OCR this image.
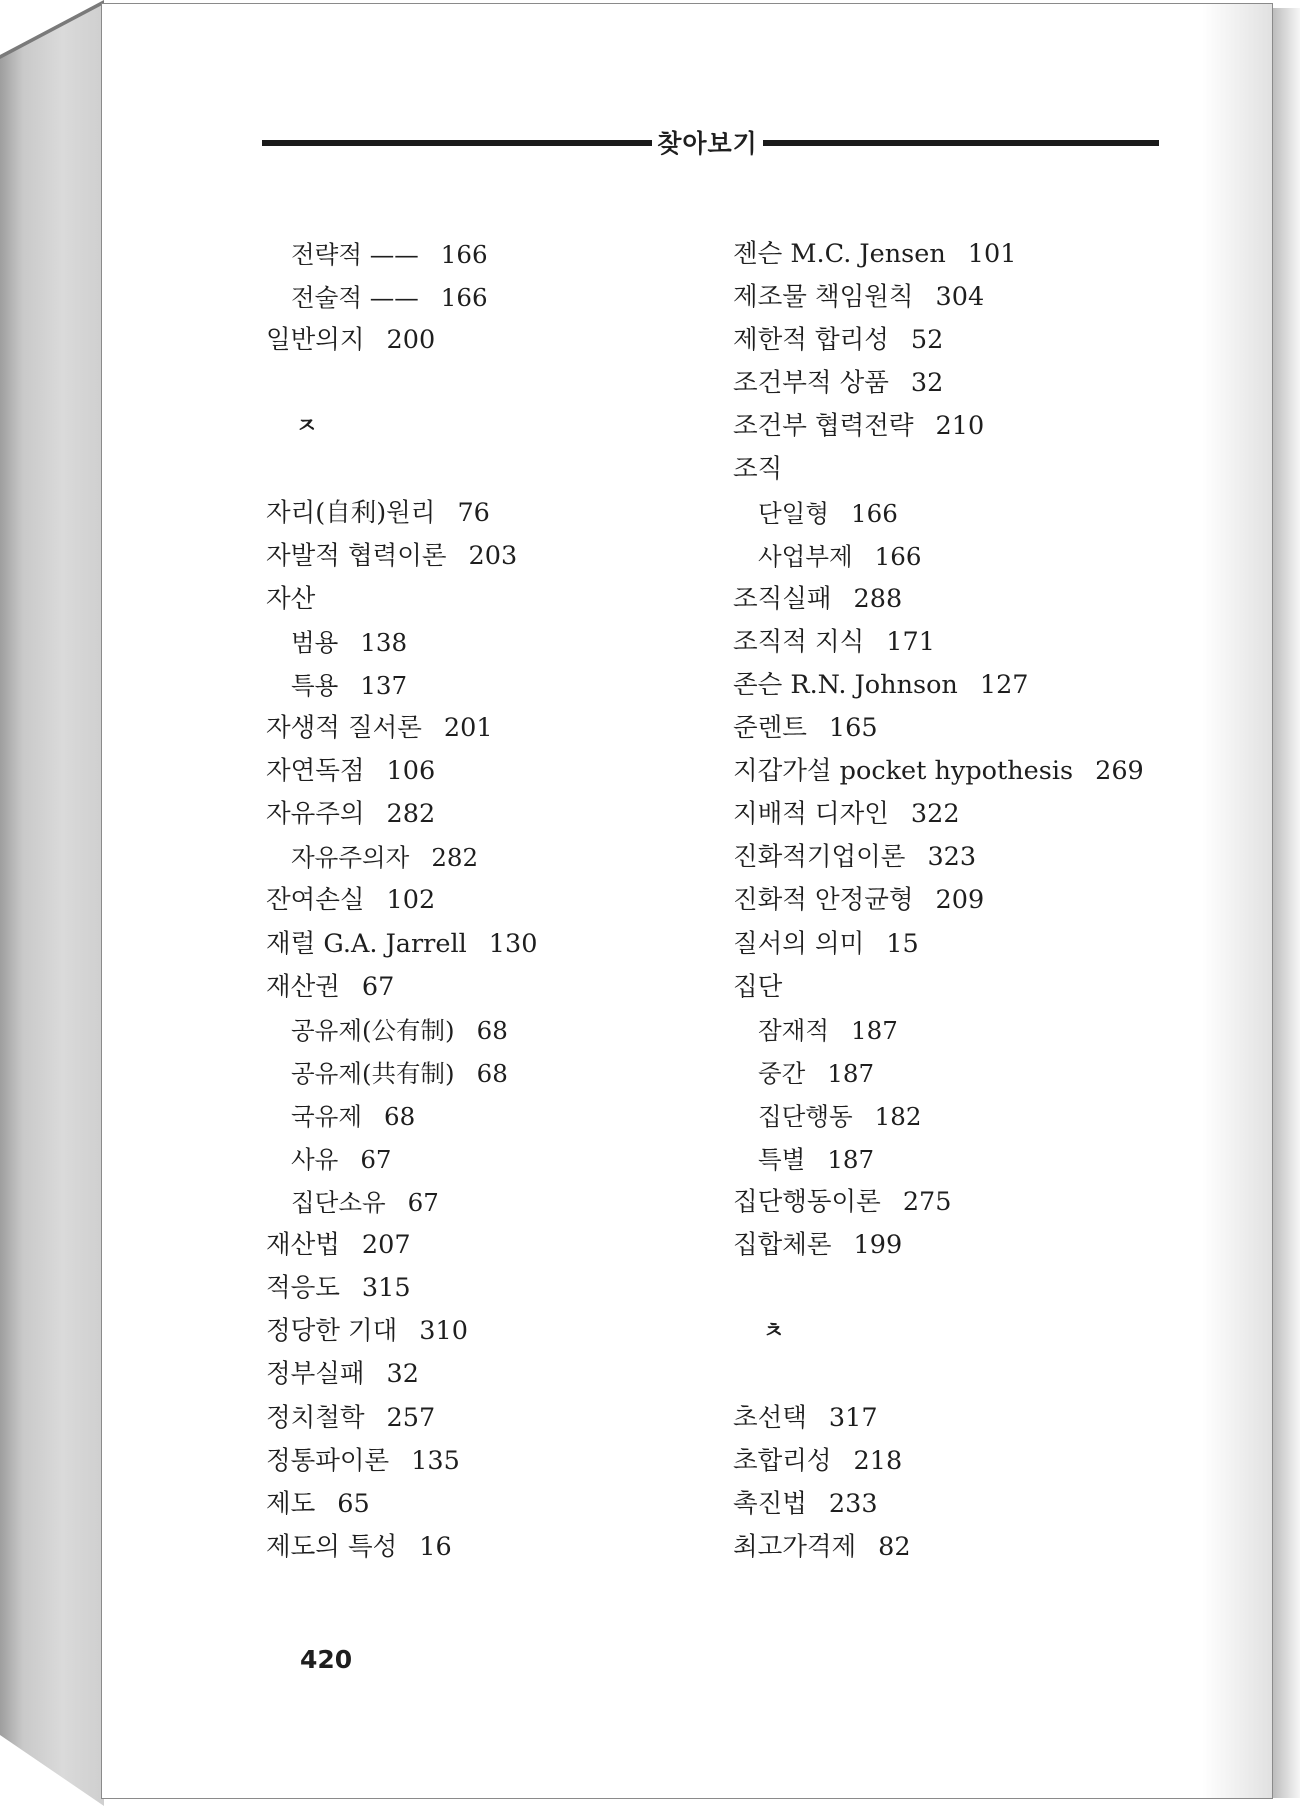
찾아보기
전략적 —— 166
전술적 —— 166
일반의지 200
ㅈ
자리(自利)원리 76
자발적 협력이론 203
자산
범용 138
특용 137
자생적 질서론 201
자연독점 106
자유주의 282
자유주의자 282
잔여손실 102
재럴 G.A. Jarrell 130
재산권 67
공유제(公有制) 68
공유제(共有制) 68
국유제 68
사유 67
집단소유 67
재산법 207
적응도 315
정당한 기대 310
정부실패 32
정치철학 257
정통파이론 135
제도 65
제도의 특성 16
젠슨 M.C. Jensen 101
제조물 책임원칙 304
제한적 합리성 52
조건부적 상품 32
조건부 협력전략 210
조직
단일형 166
사업부제 166
조직실패 288
조직적 지식 171
존슨 R.N. Johnson 127
준렌트 165
지갑가설 pocket hypothesis 269
지배적 디자인 322
진화적기업이론 323
진화적 안정균형 209
질서의 의미 15
집단
잠재적 187
중간 187
집단행동 182
특별 187
집단행동이론 275
집합체론 199
ㅊ
초선택 317
초합리성 218
촉진법 233
최고가격제 82
420
